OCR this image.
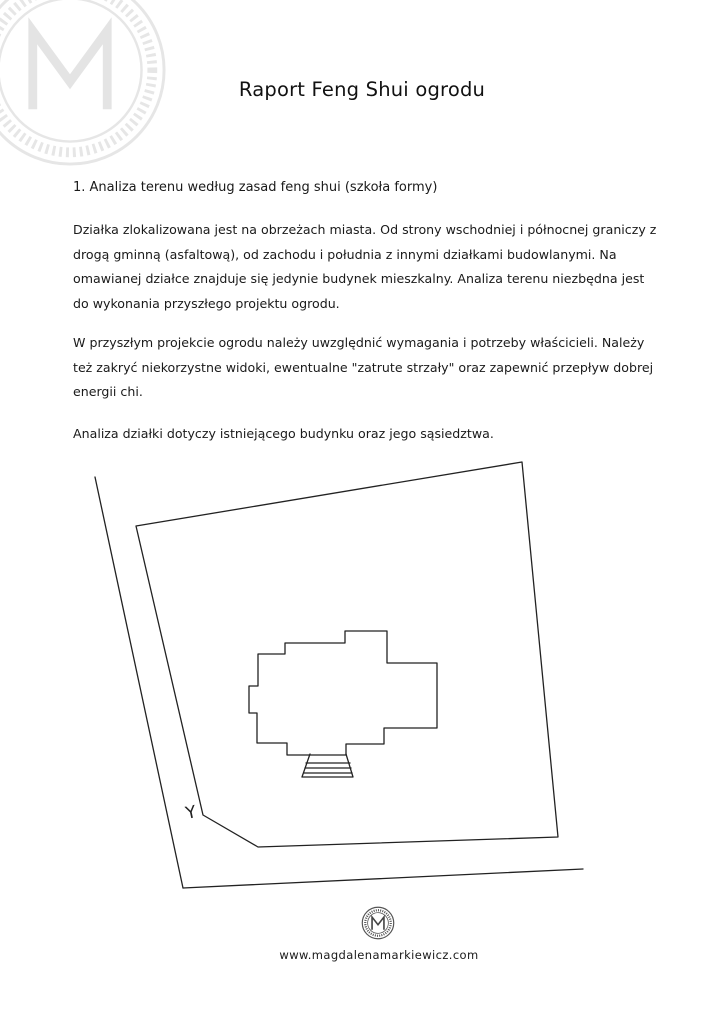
Raport Feng Shui ogrodu
1. Analiza terenu według zasad feng shui (szkoła formy)

Działka zlokalizowana jest na obrzeżach miasta. Od strony wschodniej i północnej graniczy z drogą gminną (asfaltową), od zachodu i południa z innymi działkami budowlanymi. Na omawianej działce znajduje się jedynie budynek mieszkalny. Analiza terenu niezbędna jest do wykonania przyszłego projektu ogrodu.

W przyszłym projekcie ogrodu należy uwzględnić wymagania i potrzeby właścicieli. Należy też zakryć niekorzystne widoki, ewentualne "zatrute strzały" oraz zapewnić przepływ dobrej energii chi.

Analiza działki dotyczy istniejącego budynku oraz jego sąsiedztwa.

Y
www.magdalenamarkiewicz.com
